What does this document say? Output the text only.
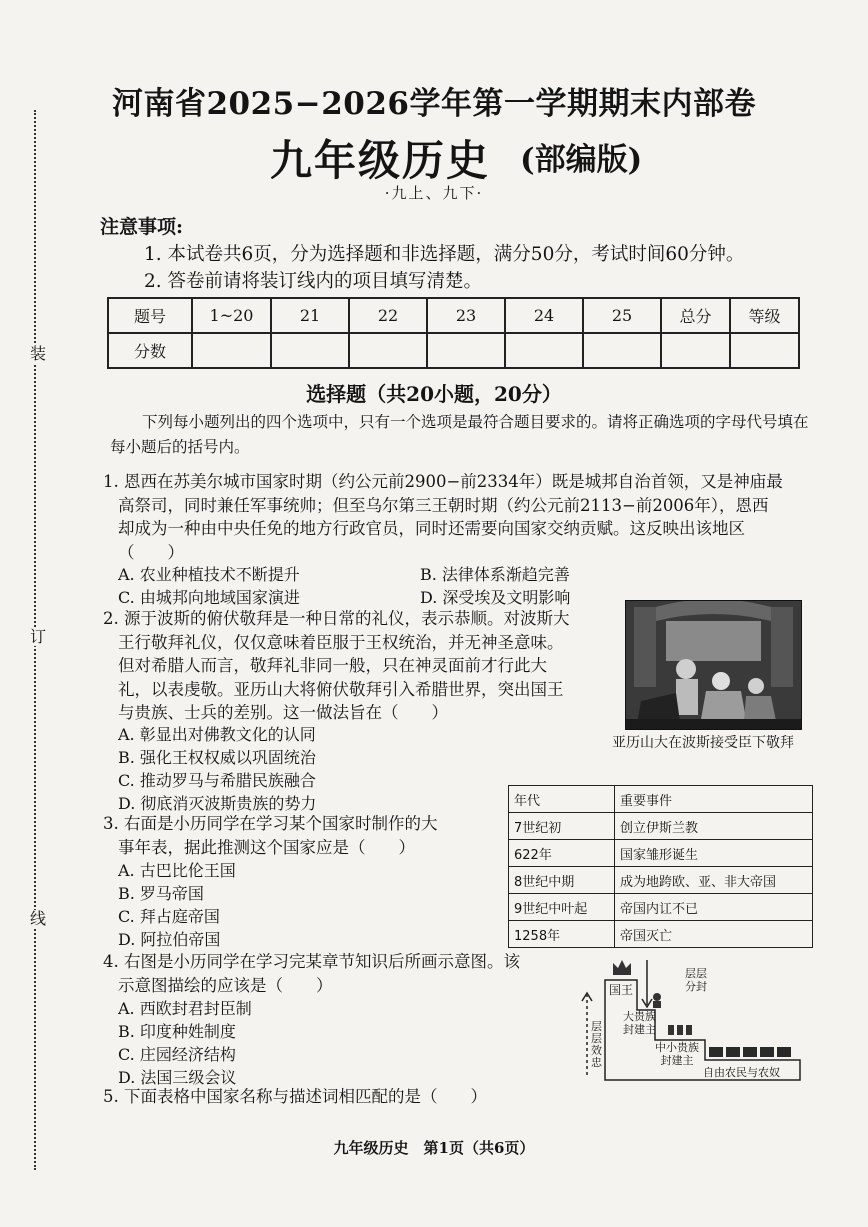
装
订
线
河南省2025−2026学年第一学期期末内部卷
九年级历史 (部编版)
·九上、九下·
注意事项:
1. 本试卷共6页，分为选择题和非选择题，满分50分，考试时间60分钟。
2. 答卷前请将装订线内的项目填写清楚。
题号	1~20	21	22	23	24	25	总分	等级
分数								
选择题（共20小题，20分）
下列每小题列出的四个选项中，只有一个选项是最符合题目要求的。请将正确选项的字母代号填在每小题后的括号内。
1. 恩西在苏美尔城市国家时期（约公元前2900−前2334年）既是城邦自治首领，又是神庙最
高祭司，同时兼任军事统帅；但至乌尔第三王朝时期（约公元前2113−前2006年），恩西
却成为一种由中央任免的地方行政官员，同时还需要向国家交纳贡赋。这反映出该地区
（　　）
A. 农业种植技术不断提升	B. 法律体系渐趋完善
C. 由城邦向地域国家演进	D. 深受埃及文明影响
2. 源于波斯的俯伏敬拜是一种日常的礼仪，表示恭顺。对波斯大
王行敬拜礼仪，仅仅意味着臣服于王权统治，并无神圣意味。
但对希腊人而言，敬拜礼非同一般，只在神灵面前才行此大
礼，以表虔敬。亚历山大将俯伏敬拜引入希腊世界，突出国王
与贵族、士兵的差别。这一做法旨在（　　）
A. 彰显出对佛教文化的认同
B. 强化王权权威以巩固统治
C. 推动罗马与希腊民族融合
D. 彻底消灭波斯贵族的势力
亚历山大在波斯接受臣下敬拜
3. 右面是小历同学在学习某个国家时制作的大
事年表，据此推测这个国家应是（　　）
A. 古巴比伦王国
B. 罗马帝国
C. 拜占庭帝国
D. 阿拉伯帝国
年代	重要事件
7世纪初	创立伊斯兰教
622年	国家雏形诞生
8世纪中期	成为地跨欧、亚、非大帝国
9世纪中叶起	帝国内讧不已
1258年	帝国灭亡
4. 右图是小历同学在学习完某章节知识后所画示意图。该
示意图描绘的应该是（　　）
A. 西欧封君封臣制
B. 印度种姓制度
C. 庄园经济结构
D. 法国三级会议
国王
大贵族
封建主
中小贵族
封建主
自由农民与农奴
层层
分封
层层
效忠
5. 下面表格中国家名称与描述词相匹配的是（　　）
九年级历史　第1页（共6页）
